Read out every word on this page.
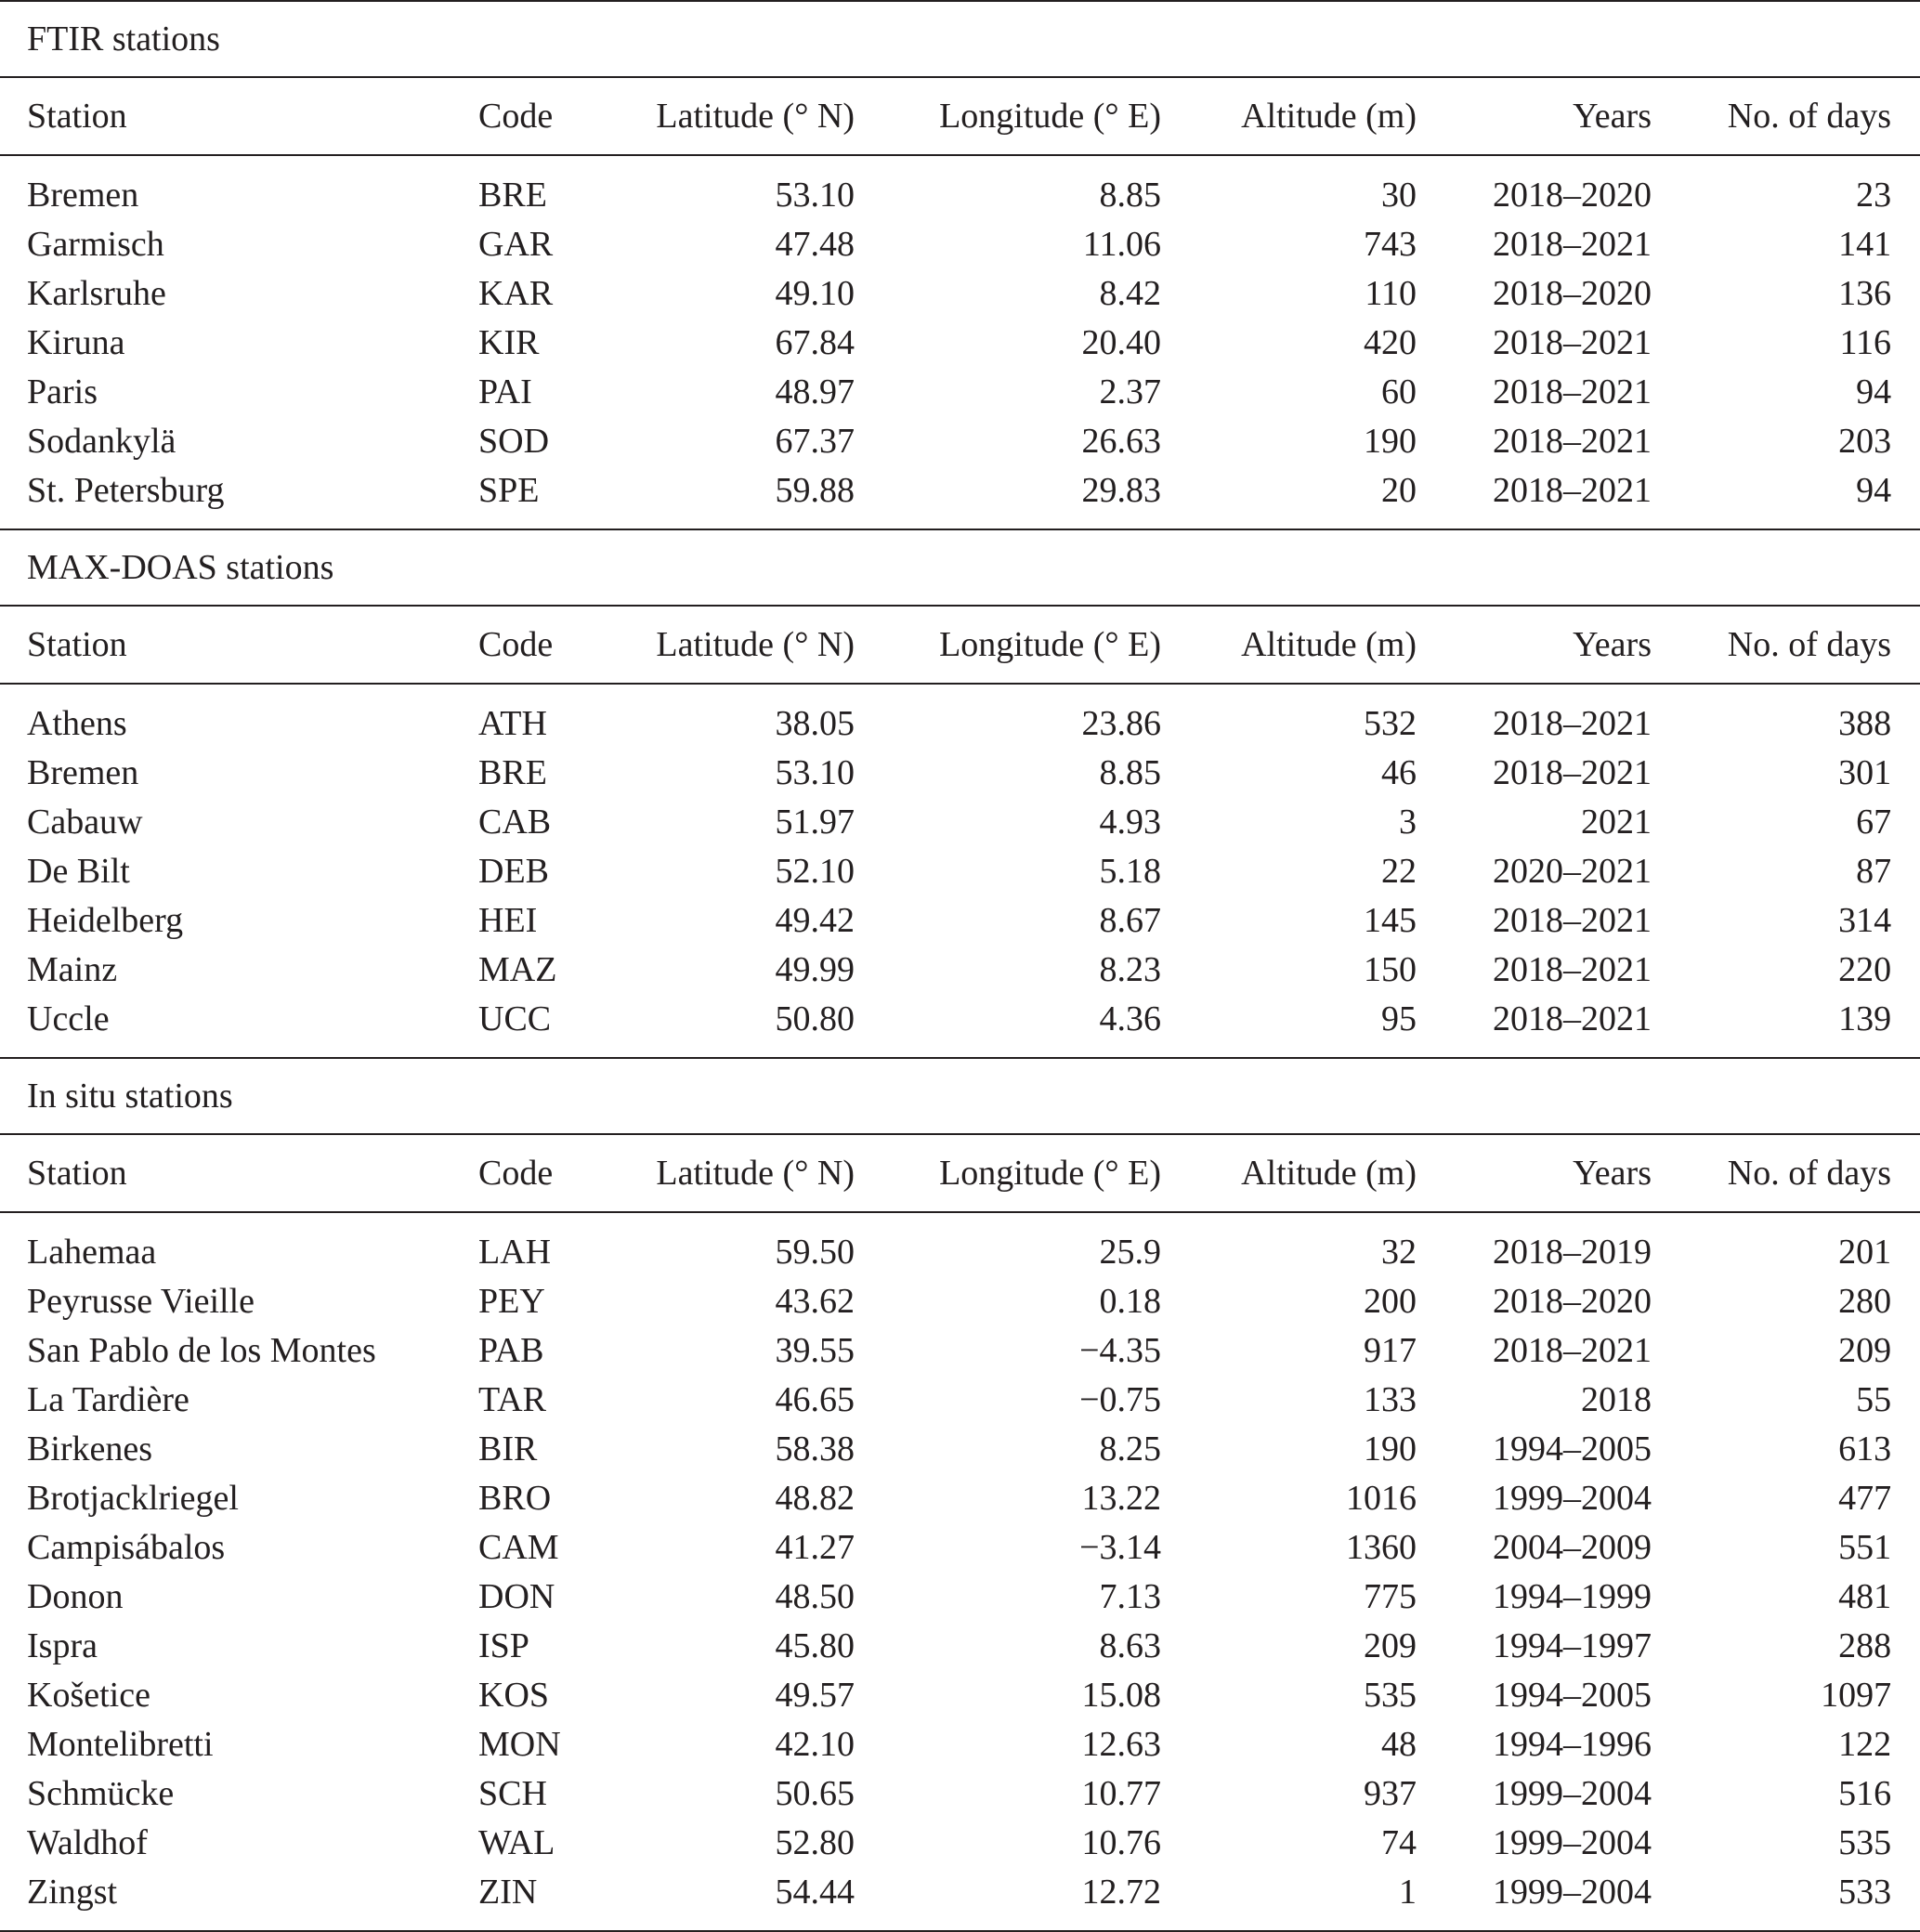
FTIR stations						
Station	Code	Latitude (° N)	Longitude (° E)	Altitude (m)	Years	No. of days
Bremen	BRE	53.10	8.85	30	2018–2020	23
Garmisch	GAR	47.48	11.06	743	2018–2021	141
Karlsruhe	KAR	49.10	8.42	110	2018–2020	136
Kiruna	KIR	67.84	20.40	420	2018–2021	116
Paris	PAI	48.97	2.37	60	2018–2021	94
Sodankylä	SOD	67.37	26.63	190	2018–2021	203
St. Petersburg	SPE	59.88	29.83	20	2018–2021	94
MAX-DOAS stations						
Station	Code	Latitude (° N)	Longitude (° E)	Altitude (m)	Years	No. of days
Athens	ATH	38.05	23.86	532	2018–2021	388
Bremen	BRE	53.10	8.85	46	2018–2021	301
Cabauw	CAB	51.97	4.93	3	2021	67
De Bilt	DEB	52.10	5.18	22	2020–2021	87
Heidelberg	HEI	49.42	8.67	145	2018–2021	314
Mainz	MAZ	49.99	8.23	150	2018–2021	220
Uccle	UCC	50.80	4.36	95	2018–2021	139
In situ stations						
Station	Code	Latitude (° N)	Longitude (° E)	Altitude (m)	Years	No. of days
Lahemaa	LAH	59.50	25.9	32	2018–2019	201
Peyrusse Vieille	PEY	43.62	0.18	200	2018–2020	280
San Pablo de los Montes	PAB	39.55	−4.35	917	2018–2021	209
La Tardière	TAR	46.65	−0.75	133	2018	55
Birkenes	BIR	58.38	8.25	190	1994–2005	613
Brotjacklriegel	BRO	48.82	13.22	1016	1999–2004	477
Campisábalos	CAM	41.27	−3.14	1360	2004–2009	551
Donon	DON	48.50	7.13	775	1994–1999	481
Ispra	ISP	45.80	8.63	209	1994–1997	288
Košetice	KOS	49.57	15.08	535	1994–2005	1097
Montelibretti	MON	42.10	12.63	48	1994–1996	122
Schmücke	SCH	50.65	10.77	937	1999–2004	516
Waldhof	WAL	52.80	10.76	74	1999–2004	535
Zingst	ZIN	54.44	12.72	1	1999–2004	533
